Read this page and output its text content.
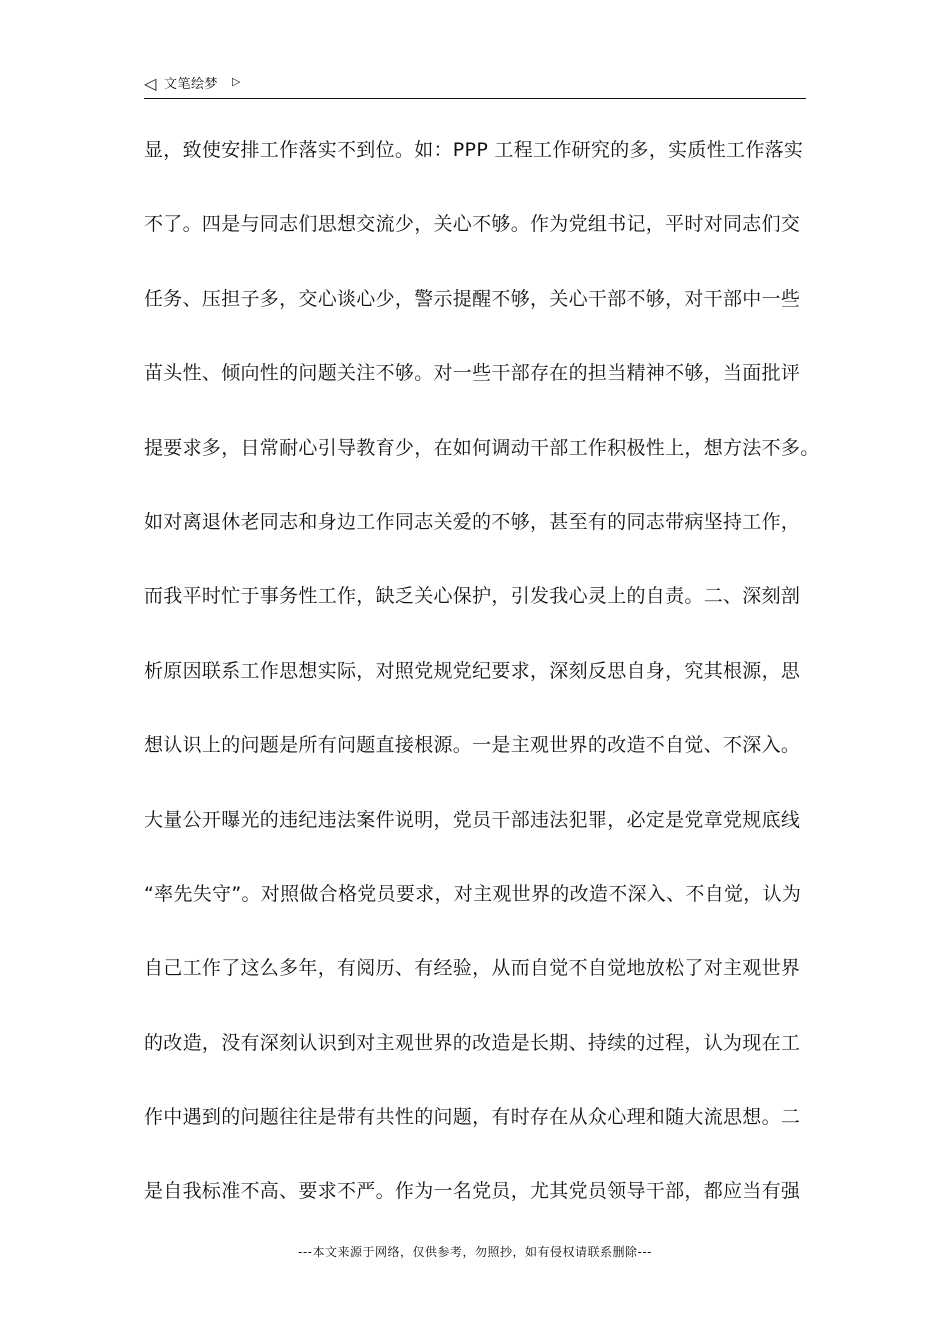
◁ 文笔绘梦 ▷
显，致使安排工作落实不到位。如：PPP 工程工作研究的多，实质性工作落实
不了。四是与同志们思想交流少，关心不够。作为党组书记，平时对同志们交
任务、压担子多，交心谈心少，警示提醒不够，关心干部不够，对干部中一些
苗头性、倾向性的问题关注不够。对一些干部存在的担当精神不够，当面批评
提要求多，日常耐心引导教育少，在如何调动干部工作积极性上，想方法不多。
如对离退休老同志和身边工作同志关爱的不够，甚至有的同志带病坚持工作，
而我平时忙于事务性工作，缺乏关心保护，引发我心灵上的自责。二、深刻剖
析原因联系工作思想实际，对照党规党纪要求，深刻反思自身，究其根源，思
想认识上的问题是所有问题直接根源。一是主观世界的改造不自觉、不深入。
大量公开曝光的违纪违法案件说明，党员干部违法犯罪，必定是党章党规底线
“率先失守”。对照做合格党员要求，对主观世界的改造不深入、不自觉，认为
自己工作了这么多年，有阅历、有经验，从而自觉不自觉地放松了对主观世界
的改造，没有深刻认识到对主观世界的改造是长期、持续的过程，认为现在工
作中遇到的问题往往是带有共性的问题，有时存在从众心理和随大流思想。二
是自我标准不高、要求不严。作为一名党员，尤其党员领导干部，都应当有强
---本文来源于网络，仅供参考，勿照抄，如有侵权请联系删除---
